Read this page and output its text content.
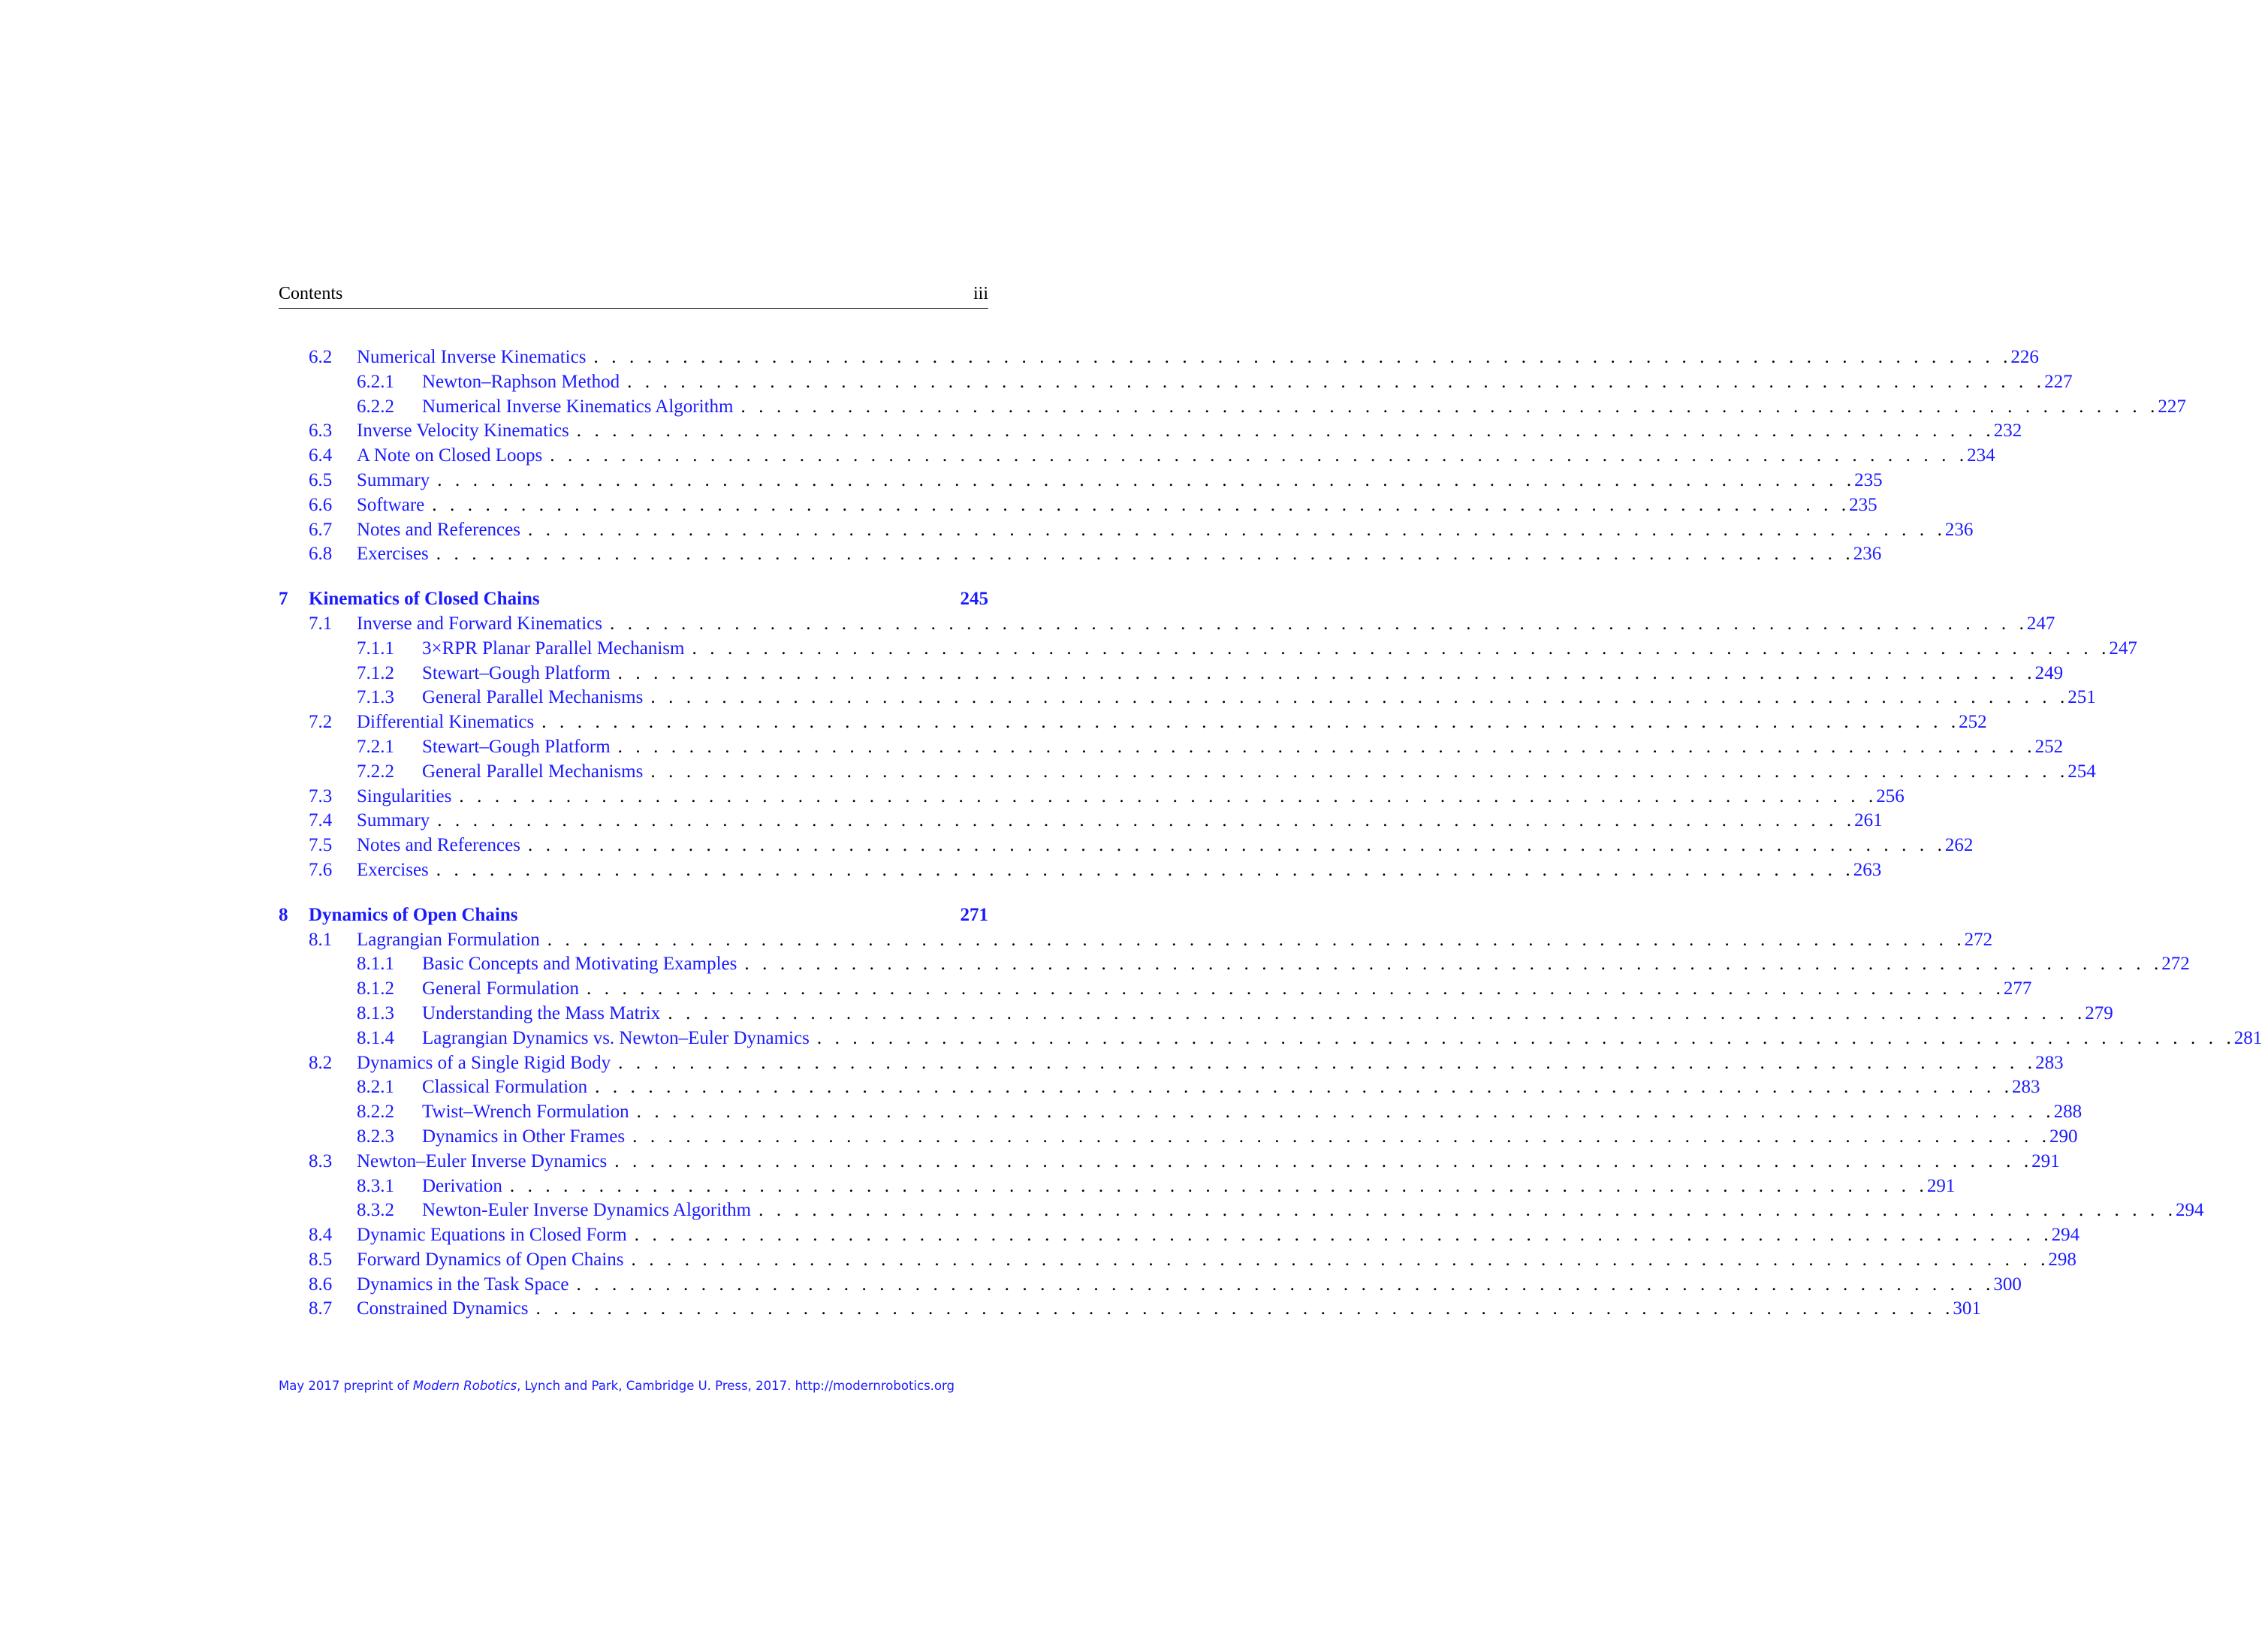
Contents	iii
6.2	Numerical Inverse Kinematics .  .  .  .  .  .  .  .  .  .  .  .  .  .  .  .  .  .  .  .  .  .  .  .  .  .  .  .  .  .  .  .  .  .  .  .  .  .  .  .  .  .  .  .  .  .  .  .  .  .  .  .  .  .  .  .  .  .  .  .  .  .  .  .  .  .  .  .  .  .  .  .  .  .  .  .  .  .  .  . 226
6.2.1	Newton–Raphson Method .  .  .  .  .  .  .  .  .  .  .  .  .  .  .  .  .  .  .  .  .  .  .  .  .  .  .  .  .  .  .  .  .  .  .  .  .  .  .  .  .  .  .  .  .  .  .  .  .  .  .  .  .  .  .  .  .  .  .  .  .  .  .  .  .  .  .  .  .  .  .  .  .  .  .  .  .  .  .  . 227
6.2.2	Numerical Inverse Kinematics Algorithm .  .  .  .  .  .  .  .  .  .  .  .  .  .  .  .  .  .  .  .  .  .  .  .  .  .  .  .  .  .  .  .  .  .  .  .  .  .  .  .  .  .  .  .  .  .  .  .  .  .  .  .  .  .  .  .  .  .  .  .  .  .  .  .  .  .  .  .  .  .  .  .  .  .  .  .  .  .  .  . 227
6.3	Inverse Velocity Kinematics .  .  .  .  .  .  .  .  .  .  .  .  .  .  .  .  .  .  .  .  .  .  .  .  .  .  .  .  .  .  .  .  .  .  .  .  .  .  .  .  .  .  .  .  .  .  .  .  .  .  .  .  .  .  .  .  .  .  .  .  .  .  .  .  .  .  .  .  .  .  .  .  .  .  .  .  .  .  .  . 232
6.4	A Note on Closed Loops .  .  .  .  .  .  .  .  .  .  .  .  .  .  .  .  .  .  .  .  .  .  .  .  .  .  .  .  .  .  .  .  .  .  .  .  .  .  .  .  .  .  .  .  .  .  .  .  .  .  .  .  .  .  .  .  .  .  .  .  .  .  .  .  .  .  .  .  .  .  .  .  .  .  .  .  .  .  .  . 234
6.5	Summary .  .  .  .  .  .  .  .  .  .  .  .  .  .  .  .  .  .  .  .  .  .  .  .  .  .  .  .  .  .  .  .  .  .  .  .  .  .  .  .  .  .  .  .  .  .  .  .  .  .  .  .  .  .  .  .  .  .  .  .  .  .  .  .  .  .  .  .  .  .  .  .  .  .  .  .  .  .  .  . 235
6.6	Software .  .  .  .  .  .  .  .  .  .  .  .  .  .  .  .  .  .  .  .  .  .  .  .  .  .  .  .  .  .  .  .  .  .  .  .  .  .  .  .  .  .  .  .  .  .  .  .  .  .  .  .  .  .  .  .  .  .  .  .  .  .  .  .  .  .  .  .  .  .  .  .  .  .  .  .  .  .  .  . 235
6.7	Notes and References .  .  .  .  .  .  .  .  .  .  .  .  .  .  .  .  .  .  .  .  .  .  .  .  .  .  .  .  .  .  .  .  .  .  .  .  .  .  .  .  .  .  .  .  .  .  .  .  .  .  .  .  .  .  .  .  .  .  .  .  .  .  .  .  .  .  .  .  .  .  .  .  .  .  .  .  .  .  .  . 236
6.8	Exercises .  .  .  .  .  .  .  .  .  .  .  .  .  .  .  .  .  .  .  .  .  .  .  .  .  .  .  .  .  .  .  .  .  .  .  .  .  .  .  .  .  .  .  .  .  .  .  .  .  .  .  .  .  .  .  .  .  .  .  .  .  .  .  .  .  .  .  .  .  .  .  .  .  .  .  .  .  .  .  . 236
7	Kinematics of Closed Chains	245
7.1	Inverse and Forward Kinematics .  .  .  .  .  .  .  .  .  .  .  .  .  .  .  .  .  .  .  .  .  .  .  .  .  .  .  .  .  .  .  .  .  .  .  .  .  .  .  .  .  .  .  .  .  .  .  .  .  .  .  .  .  .  .  .  .  .  .  .  .  .  .  .  .  .  .  .  .  .  .  .  .  .  .  .  .  .  .  . 247
7.1.1	3×RPR Planar Parallel Mechanism .  .  .  .  .  .  .  .  .  .  .  .  .  .  .  .  .  .  .  .  .  .  .  .  .  .  .  .  .  .  .  .  .  .  .  .  .  .  .  .  .  .  .  .  .  .  .  .  .  .  .  .  .  .  .  .  .  .  .  .  .  .  .  .  .  .  .  .  .  .  .  .  .  .  .  .  .  .  .  . 247
7.1.2	Stewart–Gough Platform .  .  .  .  .  .  .  .  .  .  .  .  .  .  .  .  .  .  .  .  .  .  .  .  .  .  .  .  .  .  .  .  .  .  .  .  .  .  .  .  .  .  .  .  .  .  .  .  .  .  .  .  .  .  .  .  .  .  .  .  .  .  .  .  .  .  .  .  .  .  .  .  .  .  .  .  .  .  .  . 249
7.1.3	General Parallel Mechanisms .  .  .  .  .  .  .  .  .  .  .  .  .  .  .  .  .  .  .  .  .  .  .  .  .  .  .  .  .  .  .  .  .  .  .  .  .  .  .  .  .  .  .  .  .  .  .  .  .  .  .  .  .  .  .  .  .  .  .  .  .  .  .  .  .  .  .  .  .  .  .  .  .  .  .  .  .  .  .  . 251
7.2	Differential Kinematics .  .  .  .  .  .  .  .  .  .  .  .  .  .  .  .  .  .  .  .  .  .  .  .  .  .  .  .  .  .  .  .  .  .  .  .  .  .  .  .  .  .  .  .  .  .  .  .  .  .  .  .  .  .  .  .  .  .  .  .  .  .  .  .  .  .  .  .  .  .  .  .  .  .  .  .  .  .  .  . 252
7.2.1	Stewart–Gough Platform .  .  .  .  .  .  .  .  .  .  .  .  .  .  .  .  .  .  .  .  .  .  .  .  .  .  .  .  .  .  .  .  .  .  .  .  .  .  .  .  .  .  .  .  .  .  .  .  .  .  .  .  .  .  .  .  .  .  .  .  .  .  .  .  .  .  .  .  .  .  .  .  .  .  .  .  .  .  .  . 252
7.2.2	General Parallel Mechanisms .  .  .  .  .  .  .  .  .  .  .  .  .  .  .  .  .  .  .  .  .  .  .  .  .  .  .  .  .  .  .  .  .  .  .  .  .  .  .  .  .  .  .  .  .  .  .  .  .  .  .  .  .  .  .  .  .  .  .  .  .  .  .  .  .  .  .  .  .  .  .  .  .  .  .  .  .  .  .  . 254
7.3	Singularities .  .  .  .  .  .  .  .  .  .  .  .  .  .  .  .  .  .  .  .  .  .  .  .  .  .  .  .  .  .  .  .  .  .  .  .  .  .  .  .  .  .  .  .  .  .  .  .  .  .  .  .  .  .  .  .  .  .  .  .  .  .  .  .  .  .  .  .  .  .  .  .  .  .  .  .  .  .  .  . 256
7.4	Summary .  .  .  .  .  .  .  .  .  .  .  .  .  .  .  .  .  .  .  .  .  .  .  .  .  .  .  .  .  .  .  .  .  .  .  .  .  .  .  .  .  .  .  .  .  .  .  .  .  .  .  .  .  .  .  .  .  .  .  .  .  .  .  .  .  .  .  .  .  .  .  .  .  .  .  .  .  .  .  . 261
7.5	Notes and References .  .  .  .  .  .  .  .  .  .  .  .  .  .  .  .  .  .  .  .  .  .  .  .  .  .  .  .  .  .  .  .  .  .  .  .  .  .  .  .  .  .  .  .  .  .  .  .  .  .  .  .  .  .  .  .  .  .  .  .  .  .  .  .  .  .  .  .  .  .  .  .  .  .  .  .  .  .  .  . 262
7.6	Exercises .  .  .  .  .  .  .  .  .  .  .  .  .  .  .  .  .  .  .  .  .  .  .  .  .  .  .  .  .  .  .  .  .  .  .  .  .  .  .  .  .  .  .  .  .  .  .  .  .  .  .  .  .  .  .  .  .  .  .  .  .  .  .  .  .  .  .  .  .  .  .  .  .  .  .  .  .  .  .  . 263
8	Dynamics of Open Chains	271
8.1	Lagrangian Formulation .  .  .  .  .  .  .  .  .  .  .  .  .  .  .  .  .  .  .  .  .  .  .  .  .  .  .  .  .  .  .  .  .  .  .  .  .  .  .  .  .  .  .  .  .  .  .  .  .  .  .  .  .  .  .  .  .  .  .  .  .  .  .  .  .  .  .  .  .  .  .  .  .  .  .  .  .  .  .  . 272
8.1.1	Basic Concepts and Motivating Examples .  .  .  .  .  .  .  .  .  .  .  .  .  .  .  .  .  .  .  .  .  .  .  .  .  .  .  .  .  .  .  .  .  .  .  .  .  .  .  .  .  .  .  .  .  .  .  .  .  .  .  .  .  .  .  .  .  .  .  .  .  .  .  .  .  .  .  .  .  .  .  .  .  .  .  .  .  .  .  . 272
8.1.2	General Formulation .  .  .  .  .  .  .  .  .  .  .  .  .  .  .  .  .  .  .  .  .  .  .  .  .  .  .  .  .  .  .  .  .  .  .  .  .  .  .  .  .  .  .  .  .  .  .  .  .  .  .  .  .  .  .  .  .  .  .  .  .  .  .  .  .  .  .  .  .  .  .  .  .  .  .  .  .  .  .  . 277
8.1.3	Understanding the Mass Matrix .  .  .  .  .  .  .  .  .  .  .  .  .  .  .  .  .  .  .  .  .  .  .  .  .  .  .  .  .  .  .  .  .  .  .  .  .  .  .  .  .  .  .  .  .  .  .  .  .  .  .  .  .  .  .  .  .  .  .  .  .  .  .  .  .  .  .  .  .  .  .  .  .  .  .  .  .  .  .  . 279
8.1.4	Lagrangian Dynamics vs. Newton–Euler Dynamics .  .  .  .  .  .  .  .  .  .  .  .  .  .  .  .  .  .  .  .  .  .  .  .  .  .  .  .  .  .  .  .  .  .  .  .  .  .  .  .  .  .  .  .  .  .  .  .  .  .  .  .  .  .  .  .  .  .  .  .  .  .  .  .  .  .  .  .  .  .  .  .  .  .  .  .  .  .  .  . 281
8.2	Dynamics of a Single Rigid Body .  .  .  .  .  .  .  .  .  .  .  .  .  .  .  .  .  .  .  .  .  .  .  .  .  .  .  .  .  .  .  .  .  .  .  .  .  .  .  .  .  .  .  .  .  .  .  .  .  .  .  .  .  .  .  .  .  .  .  .  .  .  .  .  .  .  .  .  .  .  .  .  .  .  .  .  .  .  .  . 283
8.2.1	Classical Formulation .  .  .  .  .  .  .  .  .  .  .  .  .  .  .  .  .  .  .  .  .  .  .  .  .  .  .  .  .  .  .  .  .  .  .  .  .  .  .  .  .  .  .  .  .  .  .  .  .  .  .  .  .  .  .  .  .  .  .  .  .  .  .  .  .  .  .  .  .  .  .  .  .  .  .  .  .  .  .  . 283
8.2.2	Twist–Wrench Formulation .  .  .  .  .  .  .  .  .  .  .  .  .  .  .  .  .  .  .  .  .  .  .  .  .  .  .  .  .  .  .  .  .  .  .  .  .  .  .  .  .  .  .  .  .  .  .  .  .  .  .  .  .  .  .  .  .  .  .  .  .  .  .  .  .  .  .  .  .  .  .  .  .  .  .  .  .  .  .  . 288
8.2.3	Dynamics in Other Frames .  .  .  .  .  .  .  .  .  .  .  .  .  .  .  .  .  .  .  .  .  .  .  .  .  .  .  .  .  .  .  .  .  .  .  .  .  .  .  .  .  .  .  .  .  .  .  .  .  .  .  .  .  .  .  .  .  .  .  .  .  .  .  .  .  .  .  .  .  .  .  .  .  .  .  .  .  .  .  . 290
8.3	Newton–Euler Inverse Dynamics .  .  .  .  .  .  .  .  .  .  .  .  .  .  .  .  .  .  .  .  .  .  .  .  .  .  .  .  .  .  .  .  .  .  .  .  .  .  .  .  .  .  .  .  .  .  .  .  .  .  .  .  .  .  .  .  .  .  .  .  .  .  .  .  .  .  .  .  .  .  .  .  .  .  .  .  .  .  .  . 291
8.3.1	Derivation .  .  .  .  .  .  .  .  .  .  .  .  .  .  .  .  .  .  .  .  .  .  .  .  .  .  .  .  .  .  .  .  .  .  .  .  .  .  .  .  .  .  .  .  .  .  .  .  .  .  .  .  .  .  .  .  .  .  .  .  .  .  .  .  .  .  .  .  .  .  .  .  .  .  .  .  .  .  .  . 291
8.3.2	Newton-Euler Inverse Dynamics Algorithm .  .  .  .  .  .  .  .  .  .  .  .  .  .  .  .  .  .  .  .  .  .  .  .  .  .  .  .  .  .  .  .  .  .  .  .  .  .  .  .  .  .  .  .  .  .  .  .  .  .  .  .  .  .  .  .  .  .  .  .  .  .  .  .  .  .  .  .  .  .  .  .  .  .  .  .  .  .  .  . 294
8.4	Dynamic Equations in Closed Form .  .  .  .  .  .  .  .  .  .  .  .  .  .  .  .  .  .  .  .  .  .  .  .  .  .  .  .  .  .  .  .  .  .  .  .  .  .  .  .  .  .  .  .  .  .  .  .  .  .  .  .  .  .  .  .  .  .  .  .  .  .  .  .  .  .  .  .  .  .  .  .  .  .  .  .  .  .  .  . 294
8.5	Forward Dynamics of Open Chains .  .  .  .  .  .  .  .  .  .  .  .  .  .  .  .  .  .  .  .  .  .  .  .  .  .  .  .  .  .  .  .  .  .  .  .  .  .  .  .  .  .  .  .  .  .  .  .  .  .  .  .  .  .  .  .  .  .  .  .  .  .  .  .  .  .  .  .  .  .  .  .  .  .  .  .  .  .  .  . 298
8.6	Dynamics in the Task Space .  .  .  .  .  .  .  .  .  .  .  .  .  .  .  .  .  .  .  .  .  .  .  .  .  .  .  .  .  .  .  .  .  .  .  .  .  .  .  .  .  .  .  .  .  .  .  .  .  .  .  .  .  .  .  .  .  .  .  .  .  .  .  .  .  .  .  .  .  .  .  .  .  .  .  .  .  .  .  . 300
8.7	Constrained Dynamics .  .  .  .  .  .  .  .  .  .  .  .  .  .  .  .  .  .  .  .  .  .  .  .  .  .  .  .  .  .  .  .  .  .  .  .  .  .  .  .  .  .  .  .  .  .  .  .  .  .  .  .  .  .  .  .  .  .  .  .  .  .  .  .  .  .  .  .  .  .  .  .  .  .  .  .  .  .  .  . 301
May 2017 preprint of Modern Robotics, Lynch and Park, Cambridge U. Press, 2017. http://modernrobotics.org
